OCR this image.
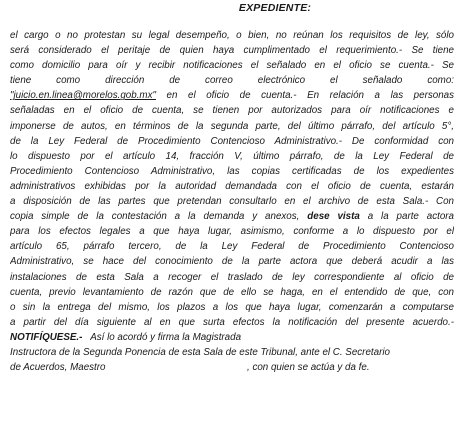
EXPEDIENTE:
el cargo o no protestan su legal desempeño, o bien, no reúnan los requisitos de ley, sólo
será considerado el peritaje de quien haya cumplimentado el requerimiento.- Se tiene
como domicilio para oír y recibir notificaciones el señalado en el oficio se cuenta.- Se
tiene como dirección de correo electrónico el señalado como:
"juicio.en.linea@morelos.gob.mx" en el oficio de cuenta.- En relación a las personas
señaladas en el oficio de cuenta, se tienen por autorizados para oír notificaciones e
imponerse de autos, en términos de la segunda parte, del último párrafo, del artículo 5°,
de la Ley Federal de Procedimiento Contencioso Administrativo.- De conformidad con
lo dispuesto por el artículo 14, fracción V, último párrafo, de la Ley Federal de
Procedimiento Contencioso Administrativo, las copias certificadas de los expedientes
administrativos exhibidas por la autoridad demandada con el oficio de cuenta, estarán
a disposición de las partes que pretendan consultarlo en el archivo de esta Sala.- Con
copia simple de la contestación a la demanda y anexos, dese vista a la parte actora
para los efectos legales a que haya lugar, asimismo, conforme a lo dispuesto por el
artículo 65, párrafo tercero, de la Ley Federal de Procedimiento Contencioso
Administrativo, se hace del conocimiento de la parte actora que deberá acudir a las
instalaciones de esta Sala a recoger el traslado de ley correspondiente al oficio de
cuenta, previo levantamiento de razón que de ello se haga, en el entendido de que, con
o sin la entrega del mismo, los plazos a los que haya lugar, comenzarán a computarse
a partir del día siguiente al en que surta efectos la notificación del presente acuerdo.-
NOTIFÍQUESE.-   Así lo acordó y firma la Magistrada
Instructora de la Segunda Ponencia de esta Sala de este Tribunal, ante el C. Secretario
de Acuerdos, Maestro                                                    , con quien se actúa y da fe.
